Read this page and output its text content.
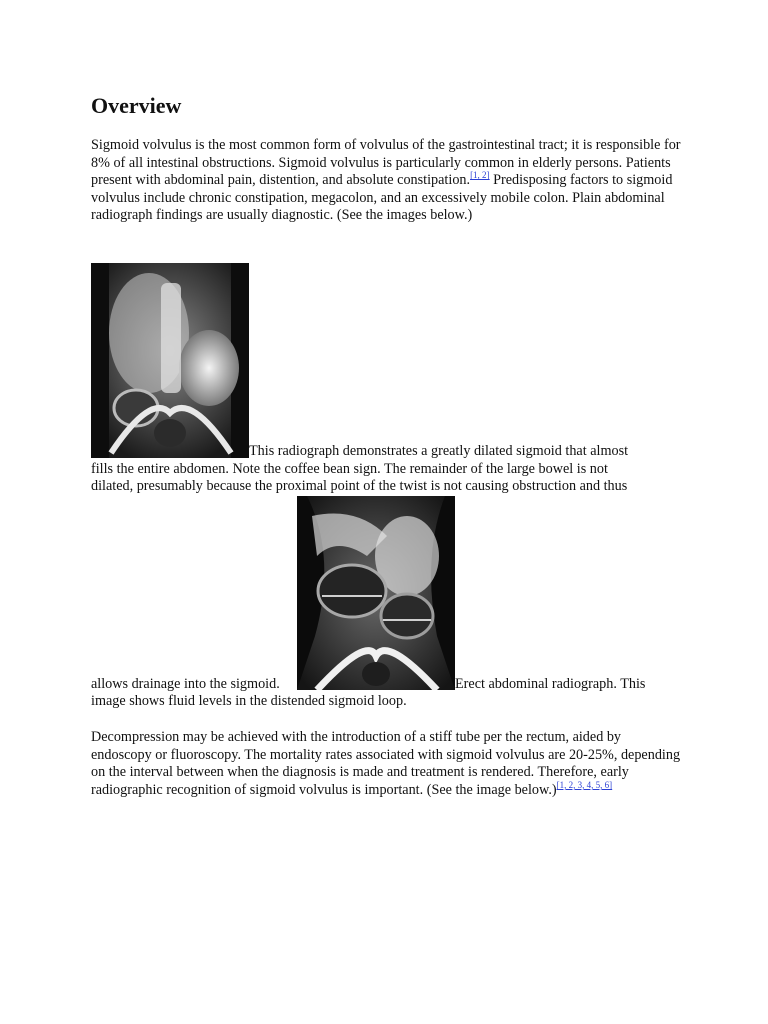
Overview

Sigmoid volvulus is the most common form of volvulus of the gastrointestinal tract; it is responsible for 8% of all intestinal obstructions. Sigmoid volvulus is particularly common in elderly persons. Patients present with abdominal pain, distention, and absolute constipation.[1, 2] Predisposing factors to sigmoid volvulus include chronic constipation, megacolon, and an excessively mobile colon. Plain abdominal radiograph findings are usually diagnostic. (See the images below.)

This radiograph demonstrates a greatly dilated sigmoid that almost
fills the entire abdomen. Note the coffee bean sign. The remainder of the large bowel is not
dilated, presumably because the proximal point of the twist is not causing obstruction and thus
allows drainage into the sigmoid.	Erect abdominal radiograph. This
image shows fluid levels in the distended sigmoid loop.

Decompression may be achieved with the introduction of a stiff tube per the rectum, aided by endoscopy or fluoroscopy. The mortality rates associated with sigmoid volvulus are 20-25%, depending on the interval between when the diagnosis is made and treatment is rendered. Therefore, early radiographic recognition of sigmoid volvulus is important. (See the image below.)[1, 2, 3, 4, 5, 6]
